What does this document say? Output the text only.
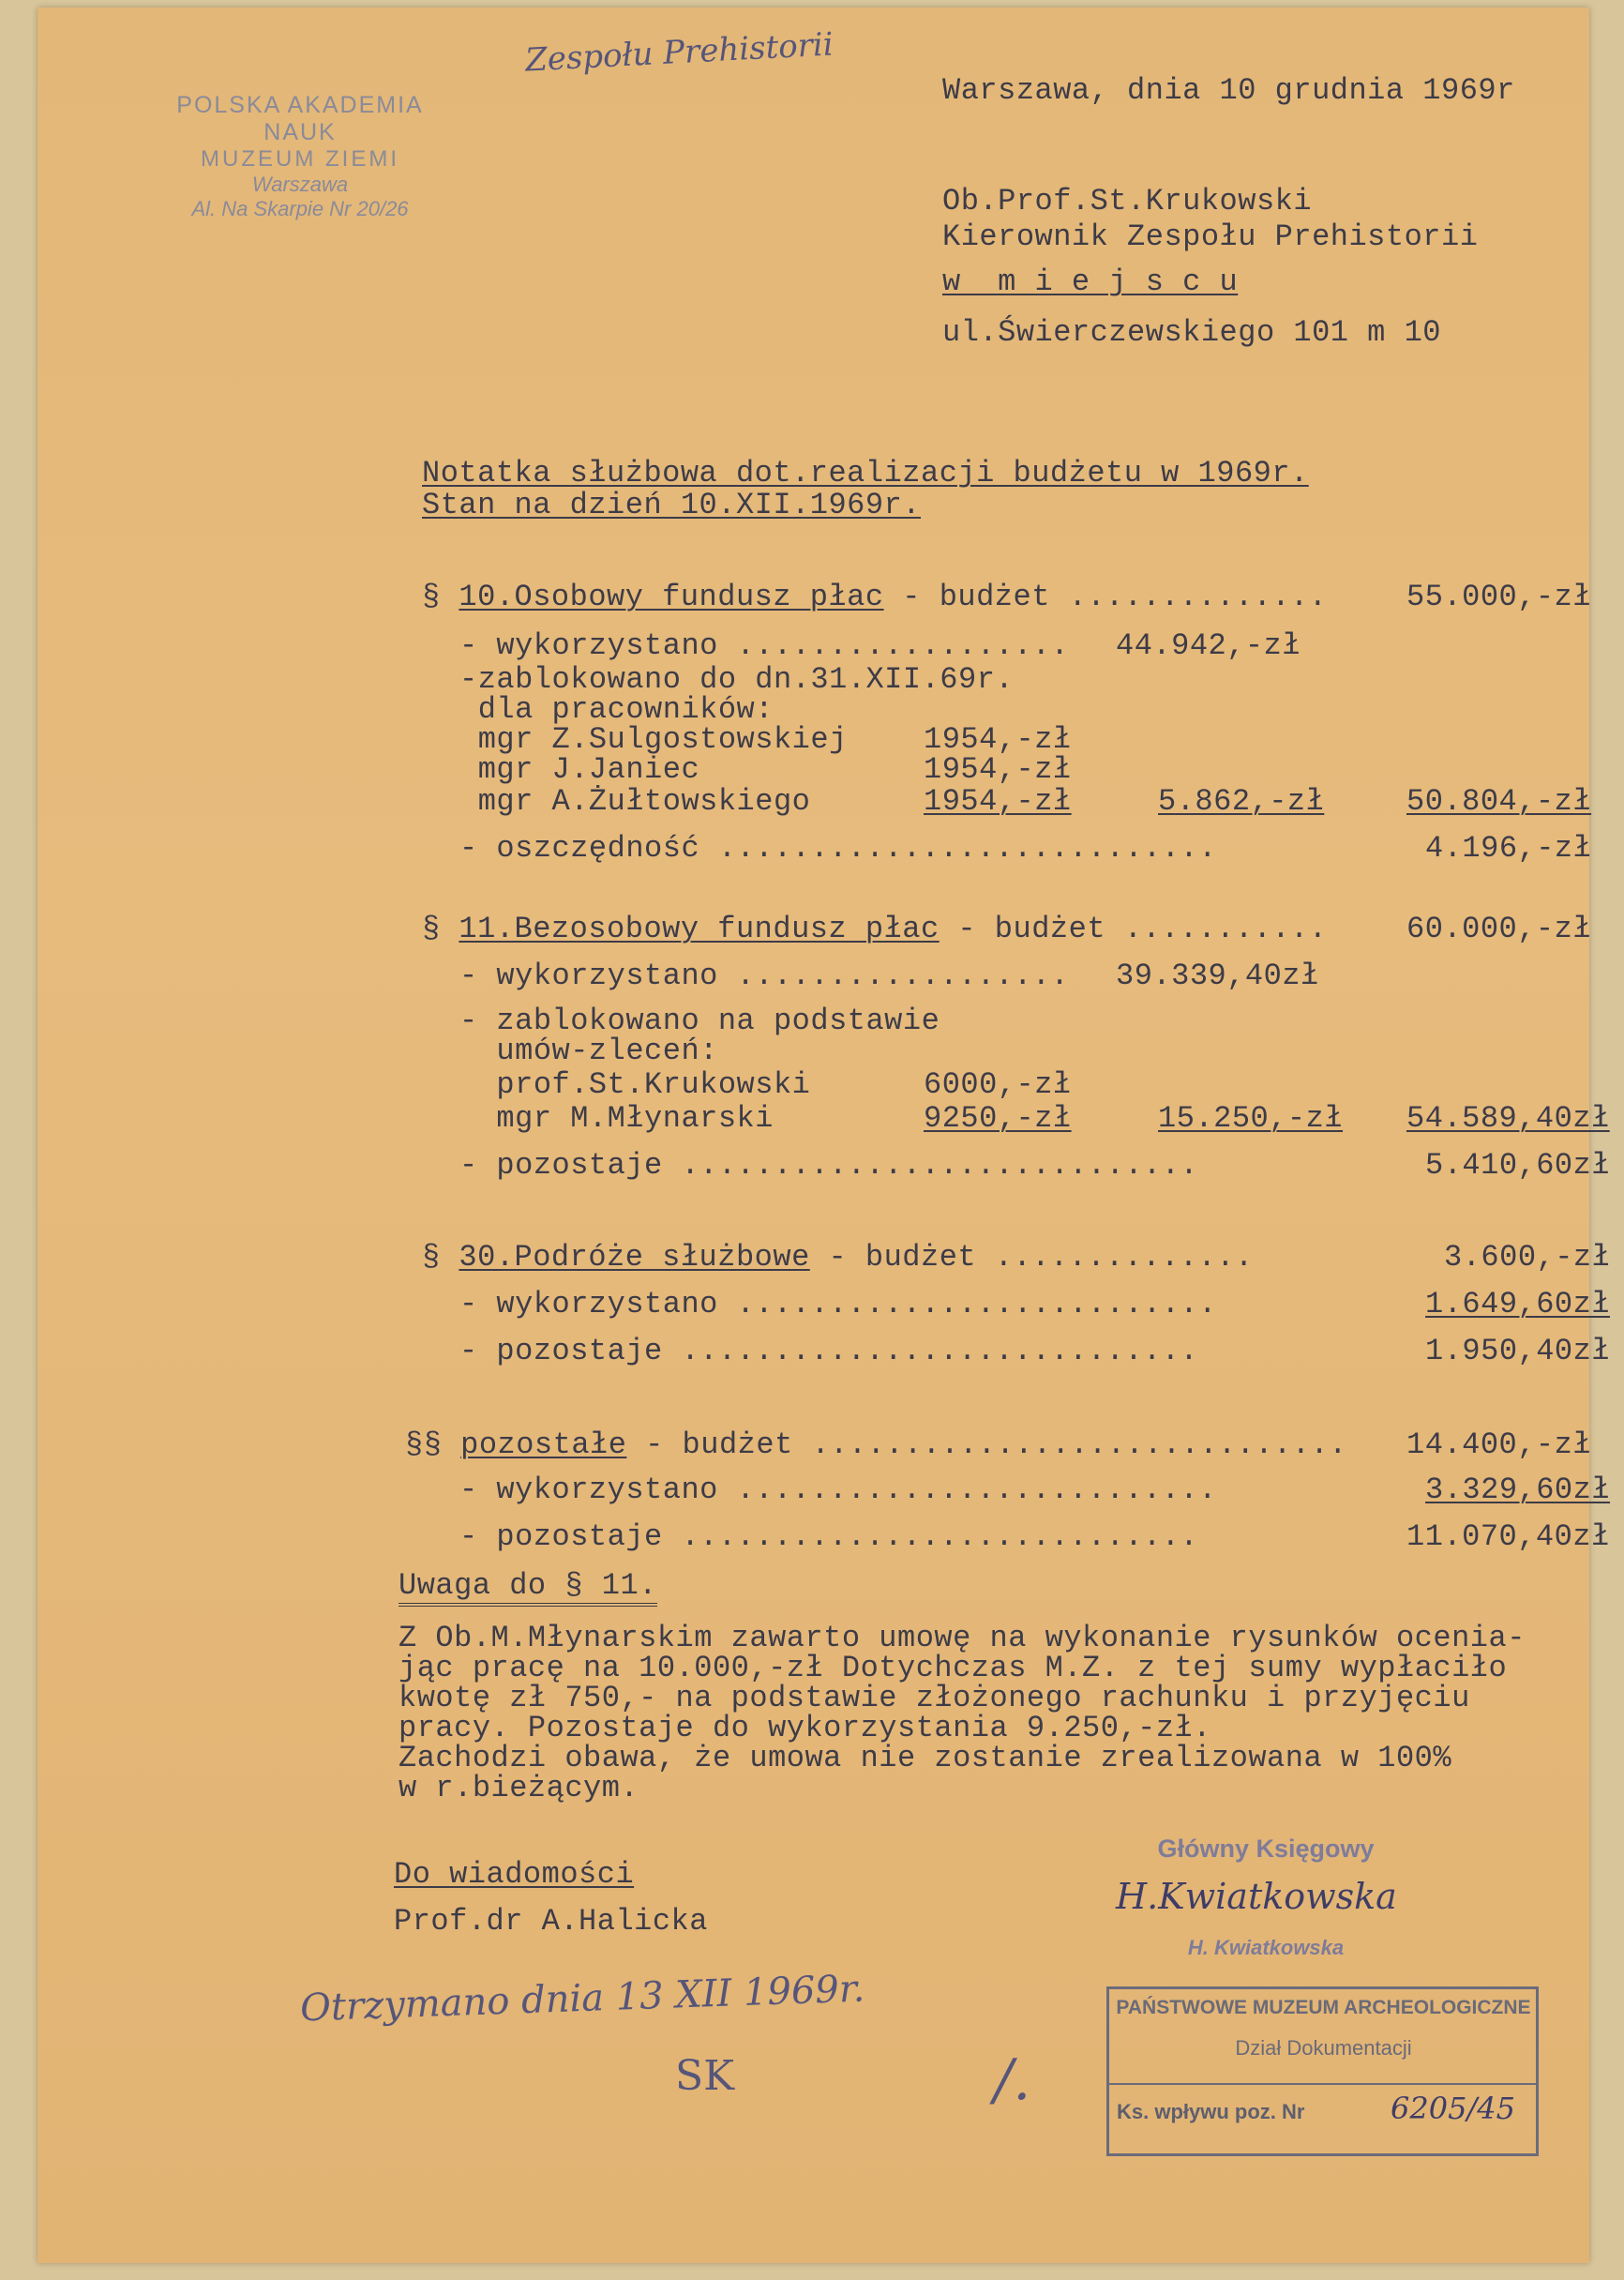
Zespołu Prehistorii
POLSKA AKADEMIA NAUK
MUZEUM ZIEMI
Warszawa
Al. Na Skarpie Nr 20/26
Warszawa, dnia 10 grudnia 1969r
Ob.Prof.St.Krukowski
Kierownik Zespołu Prehistorii
w  m i e j s c u
ul.Świerczewskiego 101 m 10
Notatka służbowa dot.realizacji budżetu w 1969r.
Stan na dzień 10.XII.1969r.
§ 10.Osobowy fundusz płac - budżet .............. 55.000,-zł
- wykorzystano .................. 44.942,-zł
-zablokowano do dn.31.XII.69r.
dla pracowników:
mgr Z.Sulgostowskiej	1954,-zł
mgr J.Janiec	1954,-zł
mgr A.Żułtowskiego	1954,-zł	5.862,-zł	50.804,-zł
- oszczędność ...........................	4.196,-zł
§ 11.Bezosobowy fundusz płac - budżet ........... 60.000,-zł
- wykorzystano .................. 39.339,40zł
- zablokowano na podstawie
umów-zleceń:
prof.St.Krukowski	6000,-zł
mgr M.Młynarski	9250,-zł	15.250,-zł 54.589,40zł
- pozostaje ............................	5.410,60zł
§ 30.Podróże służbowe - budżet ..............	3.600,-zł
- wykorzystano ..........................	1.649,60zł
- pozostaje ............................	1.950,40zł
§§ pozostałe - budżet ............................. 14.400,-zł
- wykorzystano ..........................	3.329,60zł
- pozostaje ............................	11.070,40zł
Uwaga do § 11.
Z Ob.M.Młynarskim zawarto umowę na wykonanie rysunków ocenia-
jąc pracę na 10.000,-zł Dotychczas M.Z. z tej sumy wypłaciło
kwotę zł 750,- na podstawie złożonego rachunku i przyjęciu
pracy. Pozostaje do wykorzystania 9.250,-zł.
Zachodzi obawa, że umowa nie zostanie zrealizowana w 100%
w r.bieżącym.
Do wiadomości
Prof.dr A.Halicka
Główny Księgowy
H.Kwiatkowska
H. Kwiatkowska
Otrzymano dnia 13 XII 1969r.
SK	/.
PAŃSTWOWE MUZEUM ARCHEOLOGICZNE
Dział Dokumentacji
Ks. wpływu poz. Nr	6205/45
